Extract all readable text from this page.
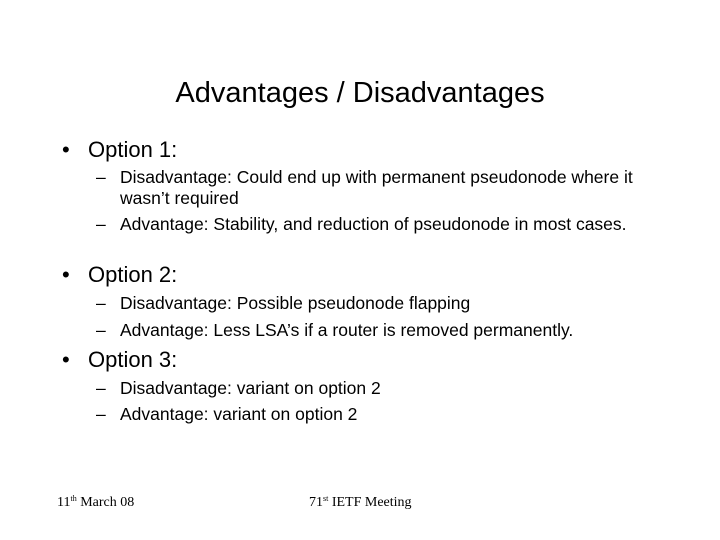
Advantages / Disadvantages
• Option 1:
– Disadvantage: Could end up with permanent pseudonode where it wasn’t required
– Advantage: Stability, and reduction of pseudonode in most cases.
• Option 2:
– Disadvantage: Possible pseudonode flapping
– Advantage: Less LSA’s if a router is removed permanently.
• Option 3:
– Disadvantage: variant on option 2
– Advantage: variant on option 2
11th March 08	71st IETF Meeting
